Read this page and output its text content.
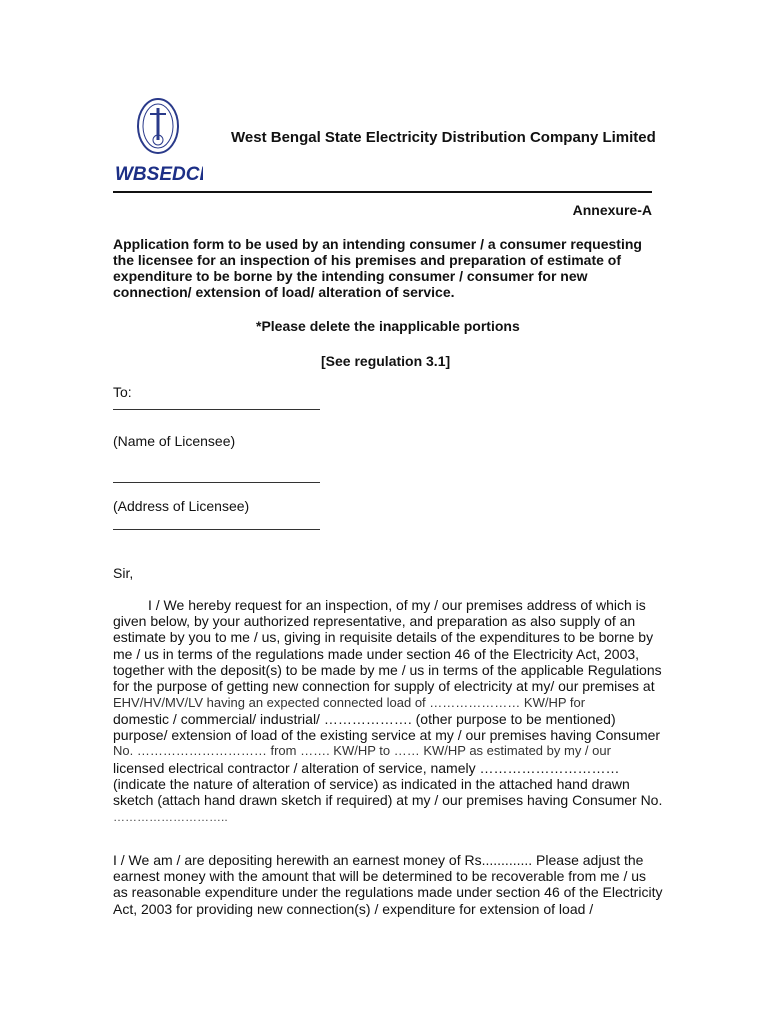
WBSEDCL
West Bengal State Electricity Distribution Company Limited
Annexure-A
Application form to be used by an intending consumer / a consumer requesting
the licensee for an inspection of his premises and preparation of estimate of
expenditure to be borne by the intending consumer / consumer for new
connection/ extension of load/ alteration of service.
*Please delete the inapplicable portions
[See regulation 3.1]
To:
(Name of Licensee)
(Address of Licensee)
Sir,
I / We hereby request for an inspection, of my / our premises address of which is
given below, by your authorized representative, and preparation as also supply of an
estimate by you to me / us, giving in requisite details of the expenditures to be borne by
me / us in terms of the regulations made under section 46 of the Electricity Act, 2003,
together with the deposit(s) to be made by me / us in terms of the applicable Regulations
for the purpose of getting new connection for supply of electricity at my/ our premises at
EHV/HV/MV/LV having an expected connected load of ………………… KW/HP for
domestic / commercial/ industrial/ ………………. (other purpose to be mentioned)
purpose/ extension of load of the existing service at my / our premises having Consumer
No. ………………………… from ……. KW/HP to …… KW/HP as estimated by my / our
licensed electrical contractor / alteration of service, namely …………………………
(indicate the nature of alteration of service) as indicated in the attached hand drawn
sketch (attach hand drawn sketch if required) at my / our premises having Consumer No.
………………………..
I / We am / are depositing herewith an earnest money of Rs............. Please adjust the
earnest money with the amount that will be determined to be recoverable from me / us
as reasonable expenditure under the regulations made under section 46 of the Electricity
Act, 2003 for providing new connection(s) / expenditure for extension of load /
